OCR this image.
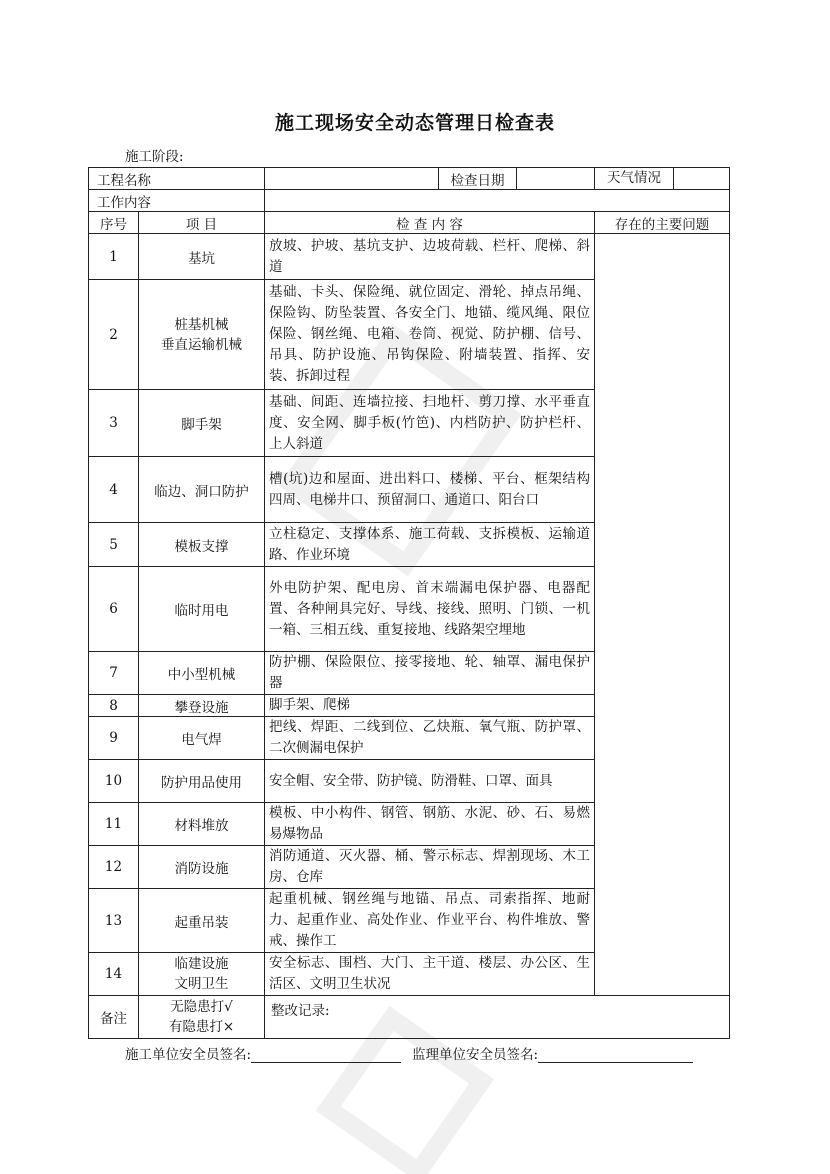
施工现场安全动态管理日检查表
施工阶段:
工程名称			检查日期		天气情况

工作内容					
序号	项 目	检 查 内 容			存在的主要问题
1	基坑	放坡、护坡、基坑支护、边坡荷载、栏杆、爬梯、斜道			
2	桩基机械
垂直运输机械	基础、卡头、保险绳、就位固定、滑轮、掉点吊绳、保险钩、防坠装置、各安全门、地锚、缆风绳、限位保险、钢丝绳、电箱、卷筒、视觉、防护棚、信号、吊具、防护设施、吊钩保险、附墙装置、指挥、安装、拆卸过程			
3	脚手架	基础、间距、连墙拉接、扫地杆、剪刀撑、水平垂直度、安全网、脚手板(竹笆)、内档防护、防护栏杆、上人斜道			
4	临边、洞口防护	槽(坑)边和屋面、进出料口、楼梯、平台、框架结构四周、电梯井口、预留洞口、通道口、阳台口			
5	模板支撑	立柱稳定、支撑体系、施工荷载、支拆模板、运输道路、作业环境			
6	临时用电	外电防护架、配电房、首末端漏电保护器、电器配置、各种闸具完好、导线、接线、照明、门锁、一机一箱、三相五线、重复接地、线路架空埋地			
7	中小型机械	防护棚、保险限位、接零接地、轮、轴罩、漏电保护器			
8	攀登设施	脚手架、爬梯			
9	电气焊	把线、焊距、二线到位、乙炔瓶、氧气瓶、防护罩、二次侧漏电保护			
10	防护用品使用	安全帽、安全带、防护镜、防滑鞋、口罩、面具			
11	材料堆放	模板、中小构件、钢管、钢筋、水泥、砂、石、易燃易爆物品			
12	消防设施	消防通道、灭火器、桶、警示标志、焊割现场、木工房、仓库			
13	起重吊装	起重机械、钢丝绳与地锚、吊点、司索指挥、地耐力、起重作业、高处作业、作业平台、构件堆放、警戒、操作工			
14	临建设施
文明卫生	安全标志、围档、大门、主干道、楼层、办公区、生活区、文明卫生状况			
备注	无隐患打√
有隐患打×	整改记录:			
施工单位安全员签名:	监理单位安全员签名:
